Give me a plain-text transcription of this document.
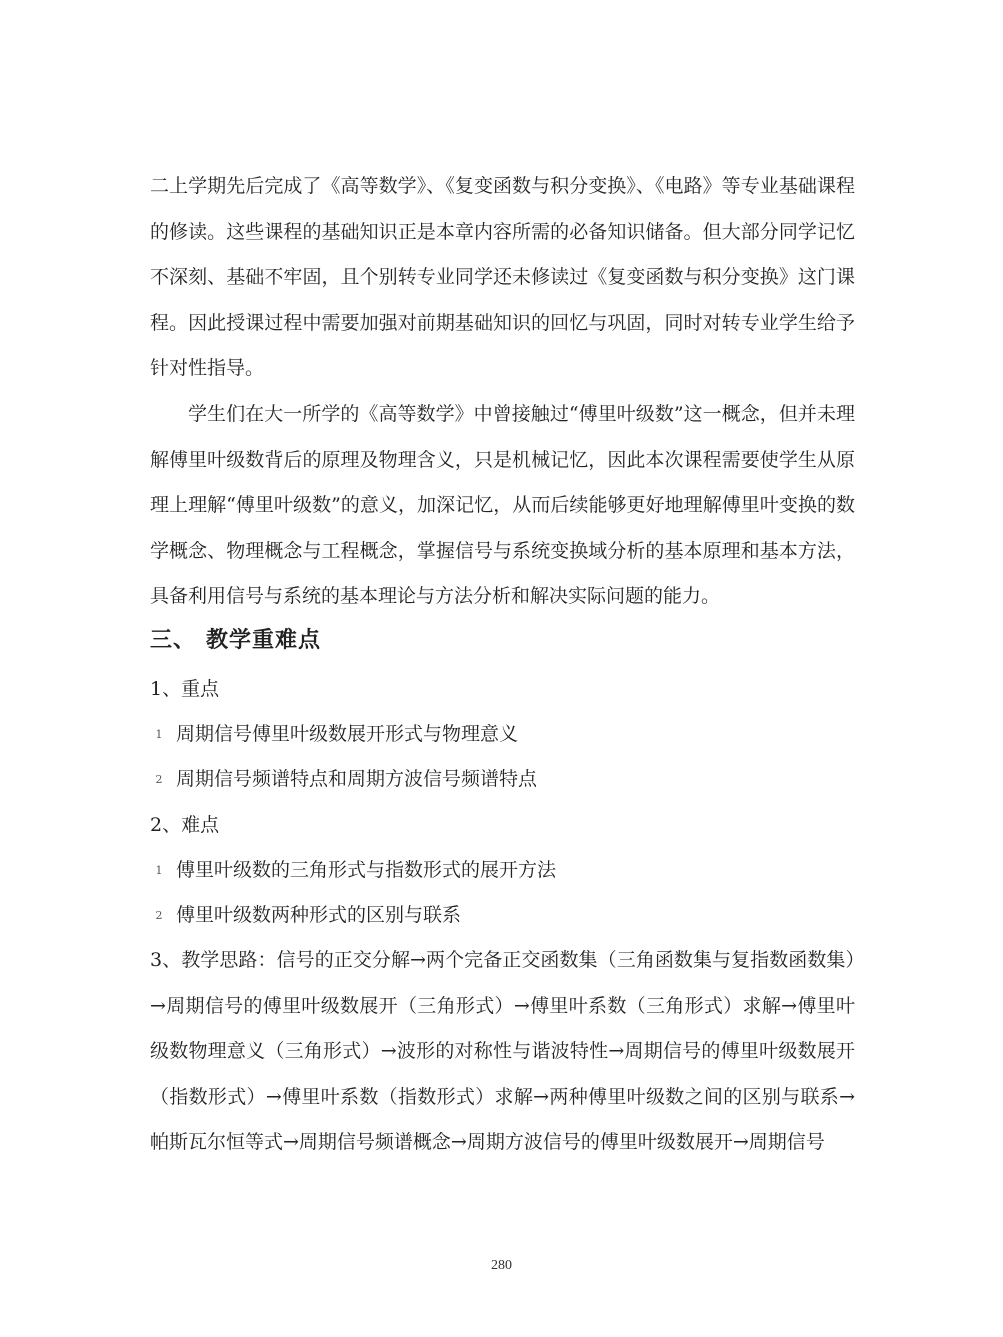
二上学期先后完成了《高等数学》、《复变函数与积分变换》、《电路》等专业基础课程的修读。这些课程的基础知识正是本章内容所需的必备知识储备。但大部分同学记忆不深刻、基础不牢固，且个别转专业同学还未修读过《复变函数与积分变换》这门课程。因此授课过程中需要加强对前期基础知识的回忆与巩固，同时对转专业学生给予针对性指导。
学生们在大一所学的《高等数学》中曾接触过“傅里叶级数”这一概念，但并未理解傅里叶级数背后的原理及物理含义，只是机械记忆，因此本次课程需要使学生从原理上理解“傅里叶级数”的意义，加深记忆，从而后续能够更好地理解傅里叶变换的数学概念、物理概念与工程概念，掌握信号与系统变换域分析的基本原理和基本方法，具备利用信号与系统的基本理论与方法分析和解决实际问题的能力。
三、 教学重难点
1、重点
1 周期信号傅里叶级数展开形式与物理意义
2 周期信号频谱特点和周期方波信号频谱特点
2、难点
1 傅里叶级数的三角形式与指数形式的展开方法
2 傅里叶级数两种形式的区别与联系
3、教学思路：信号的正交分解→两个完备正交函数集（三角函数集与复指数函数集）→周期信号的傅里叶级数展开（三角形式）→傅里叶系数（三角形式）求解→傅里叶级数物理意义（三角形式）→波形的对称性与谐波特性→周期信号的傅里叶级数展开（指数形式）→傅里叶系数（指数形式）求解→两种傅里叶级数之间的区别与联系→帕斯瓦尔恒等式→周期信号频谱概念→周期方波信号的傅里叶级数展开→周期信号
280
